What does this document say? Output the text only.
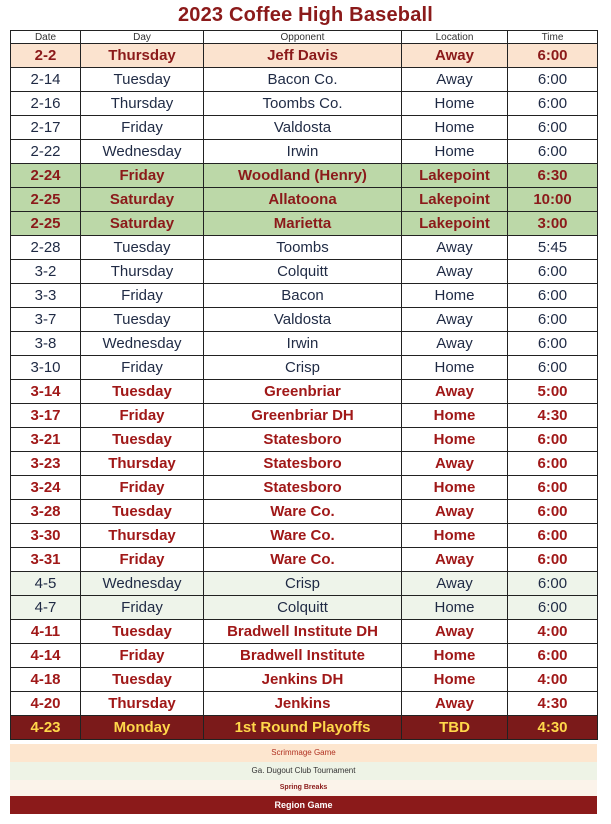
2023 Coffee High Baseball
Date	Day	Opponent	Location	Time
2-2	Thursday	Jeff Davis	Away	6:00
2-14	Tuesday	Bacon Co.	Away	6:00
2-16	Thursday	Toombs Co.	Home	6:00
2-17	Friday	Valdosta	Home	6:00
2-22	Wednesday	Irwin	Home	6:00
2-24	Friday	Woodland (Henry)	Lakepoint	6:30
2-25	Saturday	Allatoona	Lakepoint	10:00
2-25	Saturday	Marietta	Lakepoint	3:00
2-28	Tuesday	Toombs	Away	5:45
3-2	Thursday	Colquitt	Away	6:00
3-3	Friday	Bacon	Home	6:00
3-7	Tuesday	Valdosta	Away	6:00
3-8	Wednesday	Irwin	Away	6:00
3-10	Friday	Crisp	Home	6:00
3-14	Tuesday	Greenbriar	Away	5:00
3-17	Friday	Greenbriar DH	Home	4:30
3-21	Tuesday	Statesboro	Home	6:00
3-23	Thursday	Statesboro	Away	6:00
3-24	Friday	Statesboro	Home	6:00
3-28	Tuesday	Ware Co.	Away	6:00
3-30	Thursday	Ware Co.	Home	6:00
3-31	Friday	Ware Co.	Away	6:00
4-5	Wednesday	Crisp	Away	6:00
4-7	Friday	Colquitt	Home	6:00
4-11	Tuesday	Bradwell Institute DH	Away	4:00
4-14	Friday	Bradwell Institute	Home	6:00
4-18	Tuesday	Jenkins DH	Home	4:00
4-20	Thursday	Jenkins	Away	4:30
4-23	Monday	1st Round Playoffs	TBD	4:30
Scrimmage Game
Ga. Dugout Club Tournament
Spring Breaks
Region Game
